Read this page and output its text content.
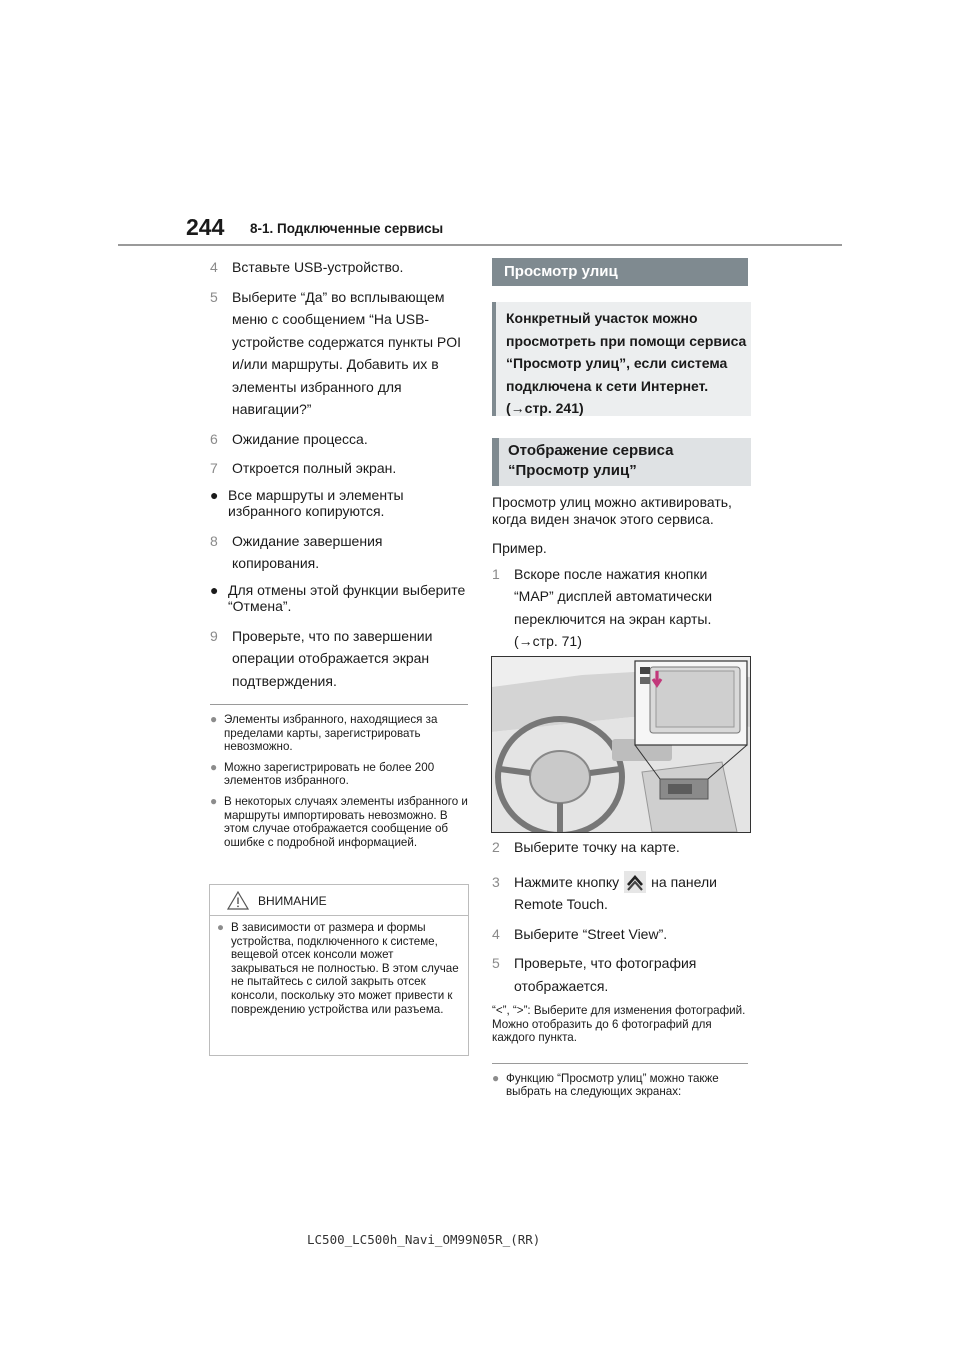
244 8-1. Подключенные сервисы
4	Вставьте USB-устройство.
5	Выберите “Да” во всплывающем меню с сообщением “На USB-устройстве содержатся пункты POI и/или маршруты. Добавить их в элементы избранного для навигации?”
6	Ожидание процесса.
7	Откроется полный экран.
● Все маршруты и элементы избранного копируются.
8	Ожидание завершения копирования.
● Для отмены этой функции выберите “Отмена”.
9	Проверьте, что по завершении операции отображается экран подтверждения.
● Элементы избранного, находящиеся за пределами карты, зарегистрировать невозможно.
● Можно зарегистрировать не более 200 элементов избранного.
● В некоторых случаях элементы избранного и маршруты импортировать невозможно. В этом случае отображается сообщение об ошибке с подробной информацией.
ВНИМАНИЕ
● В зависимости от размера и формы устройства, подключенного к системе, вещевой отсек консоли может закрываться не полностью. В этом случае не пытайтесь с силой закрыть отсек консоли, поскольку это может привести к повреждению устройства или разъема.
Просмотр улиц
Конкретный участок можно просмотреть при помощи сервиса “Просмотр улиц”, если система подключена к сети Интернет. (→стр. 241)
Отображение сервиса “Просмотр улиц”
Просмотр улиц можно активировать, когда виден значок этого сервиса.
Пример.
1	Вскоре после нажатия кнопки “MAP” дисплей автоматически переключится на экран карты. (→стр. 71)
2	Выберите точку на карте.
3	Нажмите кнопку на панели Remote Touch.
4	Выберите “Street View”.
5	Проверьте, что фотография отображается.
“<”, “>”: Выберите для изменения фотографий. Можно отобразить до 6 фотографий для каждого пункта.
● Функцию “Просмотр улиц” можно также выбрать на следующих экранах:
LC500_LC500h_Navi_OM99N05R_(RR)
